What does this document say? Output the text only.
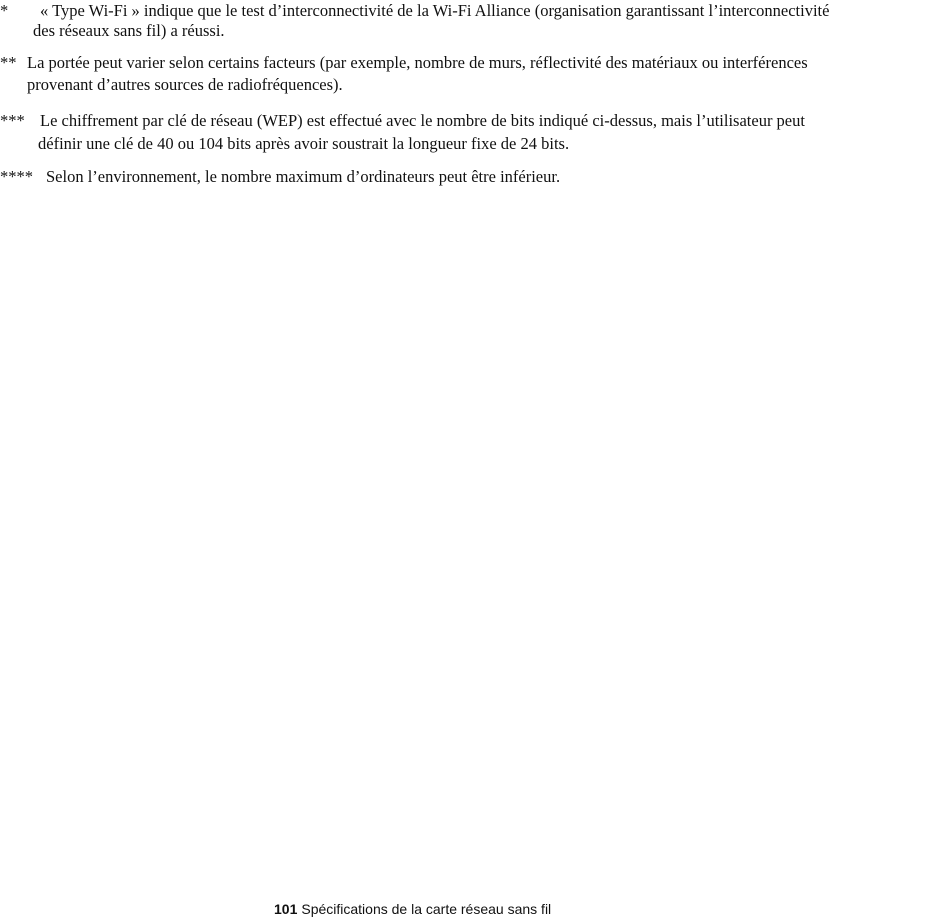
* « Type Wi-Fi » indique que le test d’interconnectivité de la Wi-Fi Alliance (organisation garantissant l’interconnectivité
des réseaux sans fil) a réussi.
** La portée peut varier selon certains facteurs (par exemple, nombre de murs, réflectivité des matériaux ou interférences
provenant d’autres sources de radiofréquences).
*** Le chiffrement par clé de réseau (WEP) est effectué avec le nombre de bits indiqué ci-dessus, mais l’utilisateur peut
définir une clé de 40 ou 104 bits après avoir soustrait la longueur fixe de 24 bits.
**** Selon l’environnement, le nombre maximum d’ordinateurs peut être inférieur.
101 Spécifications de la carte réseau sans fil
